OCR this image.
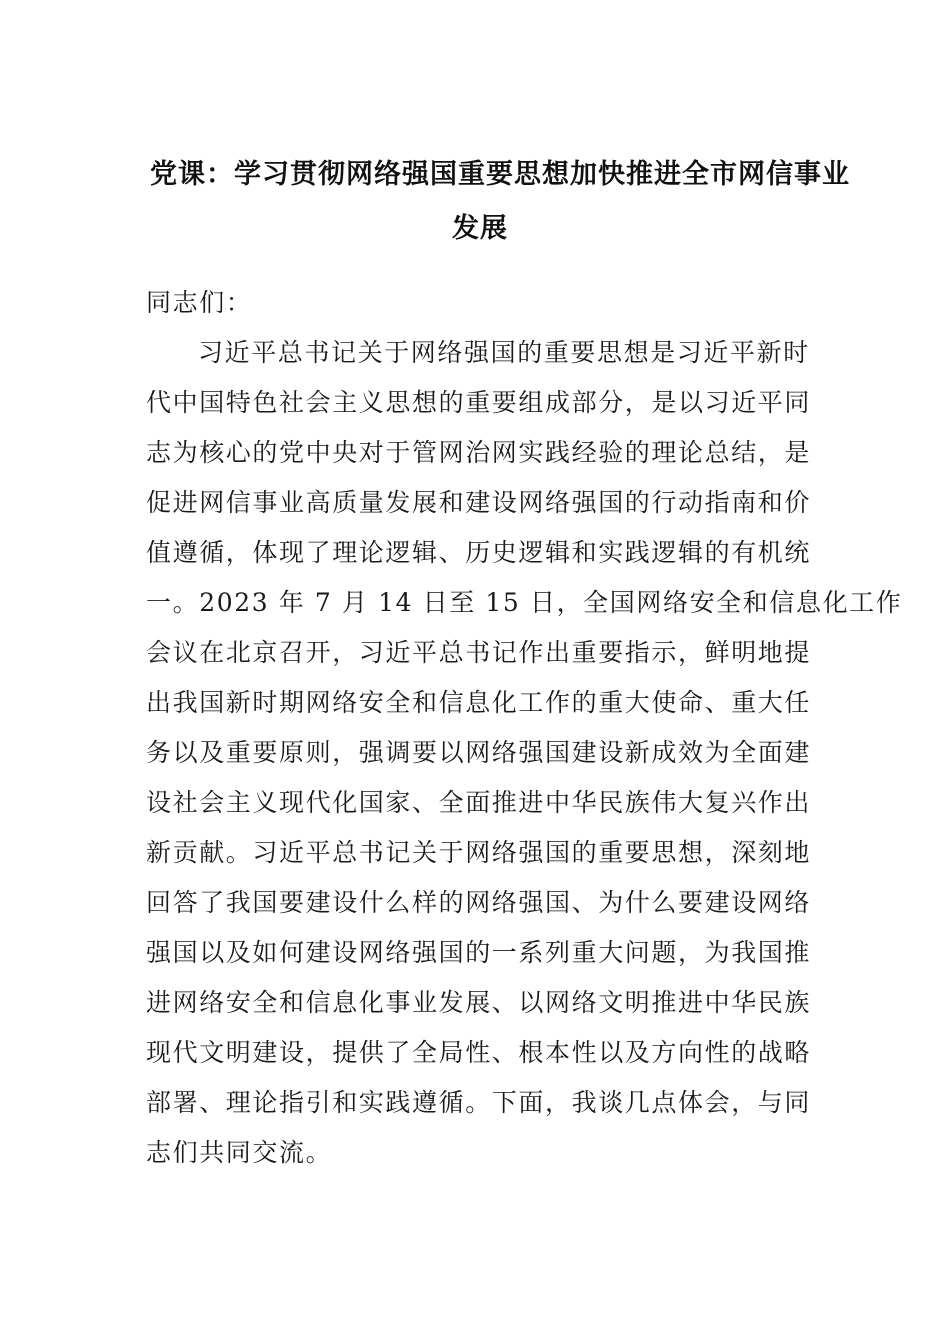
党课：学习贯彻网络强国重要思想加快推进全市网信事业
发展
同志们：
习近平总书记关于网络强国的重要思想是习近平新时
代中国特色社会主义思想的重要组成部分，是以习近平同
志为核心的党中央对于管网治网实践经验的理论总结，是
促进网信事业高质量发展和建设网络强国的行动指南和价
值遵循，体现了理论逻辑、历史逻辑和实践逻辑的有机统
一。2023 年 7 月 14 日至 15 日，全国网络安全和信息化工作
会议在北京召开，习近平总书记作出重要指示，鲜明地提
出我国新时期网络安全和信息化工作的重大使命、重大任
务以及重要原则，强调要以网络强国建设新成效为全面建
设社会主义现代化国家、全面推进中华民族伟大复兴作出
新贡献。习近平总书记关于网络强国的重要思想，深刻地
回答了我国要建设什么样的网络强国、为什么要建设网络
强国以及如何建设网络强国的一系列重大问题，为我国推
进网络安全和信息化事业发展、以网络文明推进中华民族
现代文明建设，提供了全局性、根本性以及方向性的战略
部署、理论指引和实践遵循。下面，我谈几点体会，与同
志们共同交流。
